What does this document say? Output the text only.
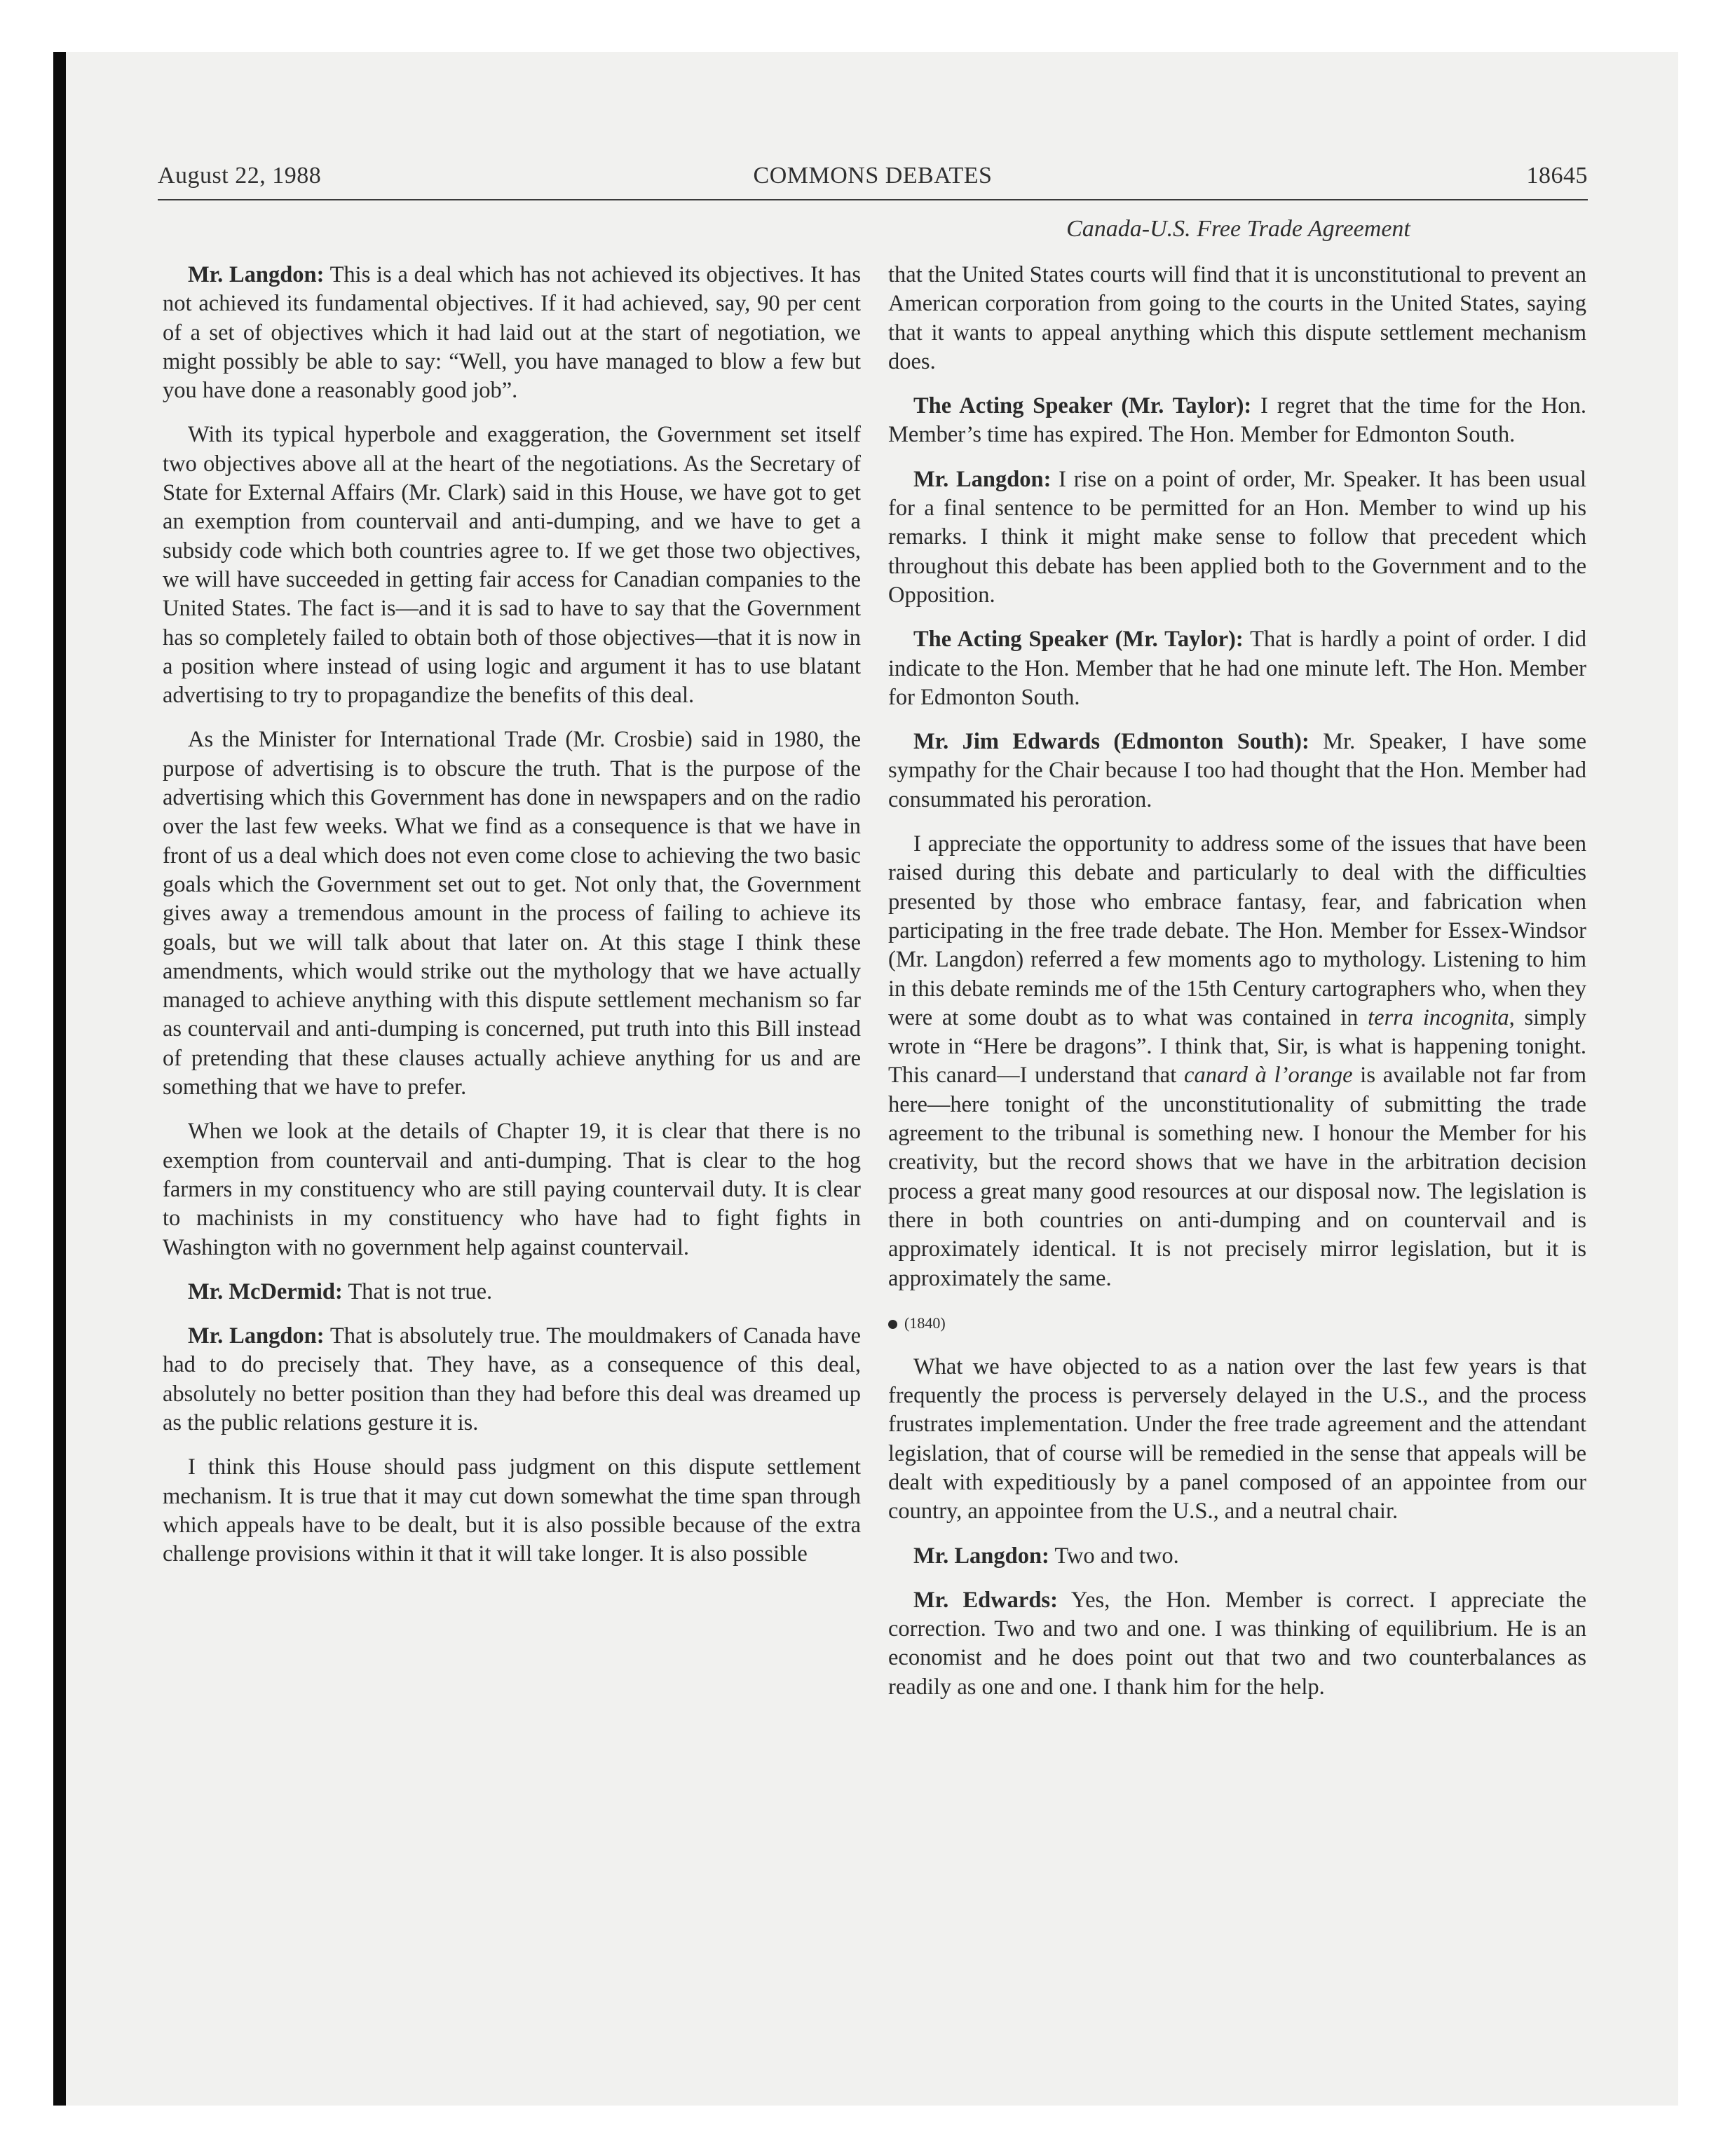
August 22, 1988	COMMONS DEBATES	18645
Canada-U.S. Free Trade Agreement

Mr. Langdon: This is a deal which has not achieved its objectives. It has not achieved its fundamental objectives. If it had achieved, say, 90 per cent of a set of objectives which it had laid out at the start of negotiation, we might possibly be able to say: “Well, you have managed to blow a few but you have done a reasonably good job”.

With its typical hyperbole and exaggeration, the Government set itself two objectives above all at the heart of the negotiations. As the Secretary of State for External Affairs (Mr. Clark) said in this House, we have got to get an exemption from countervail and anti-dumping, and we have to get a subsidy code which both countries agree to. If we get those two objectives, we will have succeeded in getting fair access for Canadian companies to the United States. The fact is—and it is sad to have to say that the Government has so completely failed to obtain both of those objectives—that it is now in a position where instead of using logic and argument it has to use blatant advertising to try to propagandize the benefits of this deal.

As the Minister for International Trade (Mr. Crosbie) said in 1980, the purpose of advertising is to obscure the truth. That is the purpose of the advertising which this Government has done in newspapers and on the radio over the last few weeks. What we find as a consequence is that we have in front of us a deal which does not even come close to achieving the two basic goals which the Government set out to get. Not only that, the Government gives away a tremendous amount in the process of failing to achieve its goals, but we will talk about that later on. At this stage I think these amendments, which would strike out the mythology that we have actually managed to achieve anything with this dispute settlement mechanism so far as countervail and anti-dumping is concerned, put truth into this Bill instead of pretending that these clauses actually achieve anything for us and are something that we have to prefer.

When we look at the details of Chapter 19, it is clear that there is no exemption from countervail and anti-dumping. That is clear to the hog farmers in my constituency who are still paying countervail duty. It is clear to machinists in my constituency who have had to fight fights in Washington with no government help against countervail.

Mr. McDermid: That is not true.

Mr. Langdon: That is absolutely true. The mouldmakers of Canada have had to do precisely that. They have, as a consequence of this deal, absolutely no better position than they had before this deal was dreamed up as the public relations gesture it is.

I think this House should pass judgment on this dispute settlement mechanism. It is true that it may cut down somewhat the time span through which appeals have to be dealt, but it is also possible because of the extra challenge provisions within it that it will take longer. It is also possible

that the United States courts will find that it is unconstitutional to prevent an American corporation from going to the courts in the United States, saying that it wants to appeal anything which this dispute settlement mechanism does.

The Acting Speaker (Mr. Taylor): I regret that the time for the Hon. Member’s time has expired. The Hon. Member for Edmonton South.

Mr. Langdon: I rise on a point of order, Mr. Speaker. It has been usual for a final sentence to be permitted for an Hon. Member to wind up his remarks. I think it might make sense to follow that precedent which throughout this debate has been applied both to the Government and to the Opposition.

The Acting Speaker (Mr. Taylor): That is hardly a point of order. I did indicate to the Hon. Member that he had one minute left. The Hon. Member for Edmonton South.

Mr. Jim Edwards (Edmonton South): Mr. Speaker, I have some sympathy for the Chair because I too had thought that the Hon. Member had consummated his peroration.

I appreciate the opportunity to address some of the issues that have been raised during this debate and particularly to deal with the difficulties presented by those who embrace fantasy, fear, and fabrication when participating in the free trade debate. The Hon. Member for Essex-Windsor (Mr. Langdon) referred a few moments ago to mythology. Listening to him in this debate reminds me of the 15th Century cartographers who, when they were at some doubt as to what was contained in terra incognita, simply wrote in “Here be dragons”. I think that, Sir, is what is happening tonight. This canard—I understand that canard à l’orange is available not far from here—here tonight of the unconstitutionality of submitting the trade agreement to the tribunal is something new. I honour the Member for his creativity, but the record shows that we have in the arbitration decision process a great many good resources at our disposal now. The legislation is there in both countries on anti-dumping and on countervail and is approximately identical. It is not precisely mirror legislation, but it is approximately the same.

(1840)

What we have objected to as a nation over the last few years is that frequently the process is perversely delayed in the U.S., and the process frustrates implementation. Under the free trade agreement and the attendant legislation, that of course will be remedied in the sense that appeals will be dealt with expeditiously by a panel composed of an appointee from our country, an appointee from the U.S., and a neutral chair.

Mr. Langdon: Two and two.

Mr. Edwards: Yes, the Hon. Member is correct. I appreciate the correction. Two and two and one. I was thinking of equilibrium. He is an economist and he does point out that two and two counterbalances as readily as one and one. I thank him for the help.
